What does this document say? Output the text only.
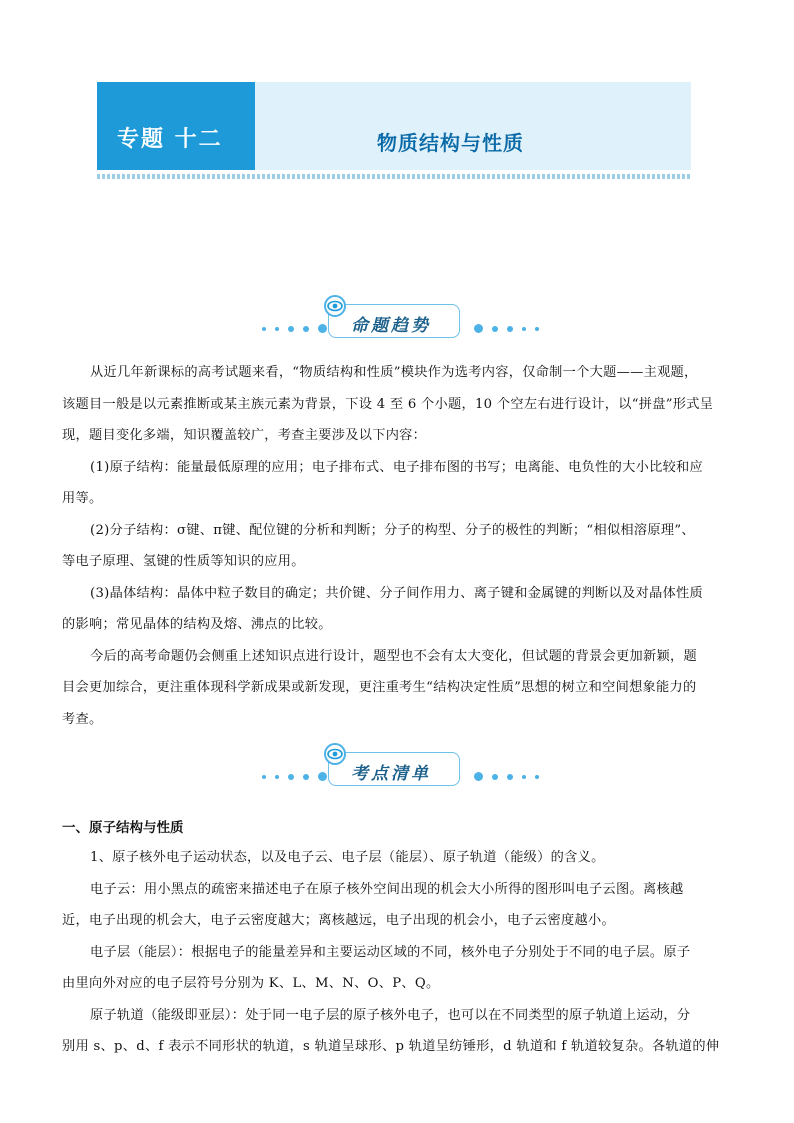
专题 十二	物质结构与性质
命题趋势
从近几年新课标的高考试题来看，“物质结构和性质”模块作为选考内容，仅命制一个大题——主观题，
该题目一般是以元素推断或某主族元素为背景，下设 4 至 6 个小题，10 个空左右进行设计，以“拼盘”形式呈
现，题目变化多端，知识覆盖较广，考查主要涉及以下内容：
(1)原子结构：能量最低原理的应用；电子排布式、电子排布图的书写；电离能、电负性的大小比较和应
用等。
(2)分子结构：σ键、π键、配位键的分析和判断；分子的构型、分子的极性的判断；“相似相溶原理”、
等电子原理、氢键的性质等知识的应用。
(3)晶体结构：晶体中粒子数目的确定；共价键、分子间作用力、离子键和金属键的判断以及对晶体性质
的影响；常见晶体的结构及熔、沸点的比较。
今后的高考命题仍会侧重上述知识点进行设计，题型也不会有太大变化，但试题的背景会更加新颖，题
目会更加综合，更注重体现科学新成果或新发现，更注重考生“结构决定性质”思想的树立和空间想象能力的
考查。
考点清单
一、原子结构与性质
1、原子核外电子运动状态，以及电子云、电子层（能层）、原子轨道（能级）的含义。
电子云：用小黑点的疏密来描述电子在原子核外空间出现的机会大小所得的图形叫电子云图。离核越
近，电子出现的机会大，电子云密度越大；离核越远，电子出现的机会小，电子云密度越小。
电子层（能层）：根据电子的能量差异和主要运动区域的不同，核外电子分别处于不同的电子层。原子
由里向外对应的电子层符号分别为 K、L、M、N、O、P、Q。
原子轨道（能级即亚层）：处于同一电子层的原子核外电子，也可以在不同类型的原子轨道上运动，分
别用 s、p、d、f 表示不同形状的轨道，s 轨道呈球形、p 轨道呈纺锤形，d 轨道和 f 轨道较复杂。各轨道的伸
